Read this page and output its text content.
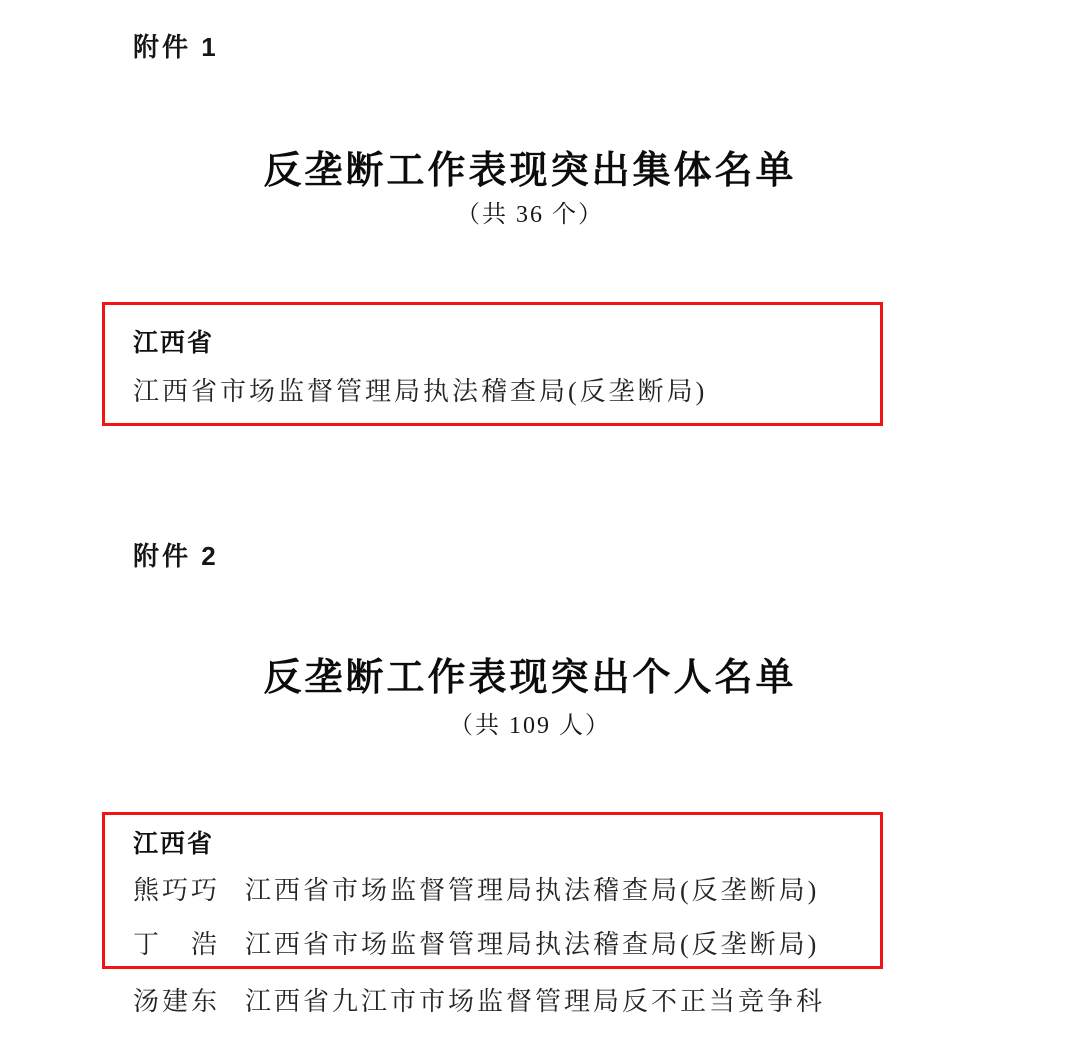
附件 1
反垄断工作表现突出集体名单
（共 36 个）
江西省
江西省市场监督管理局执法稽查局(反垄断局)
附件 2
反垄断工作表现突出个人名单
（共 109 人）
江西省
熊巧巧 江西省市场监督管理局执法稽查局(反垄断局)
丁　浩 江西省市场监督管理局执法稽查局(反垄断局)
汤建东 江西省九江市市场监督管理局反不正当竞争科
